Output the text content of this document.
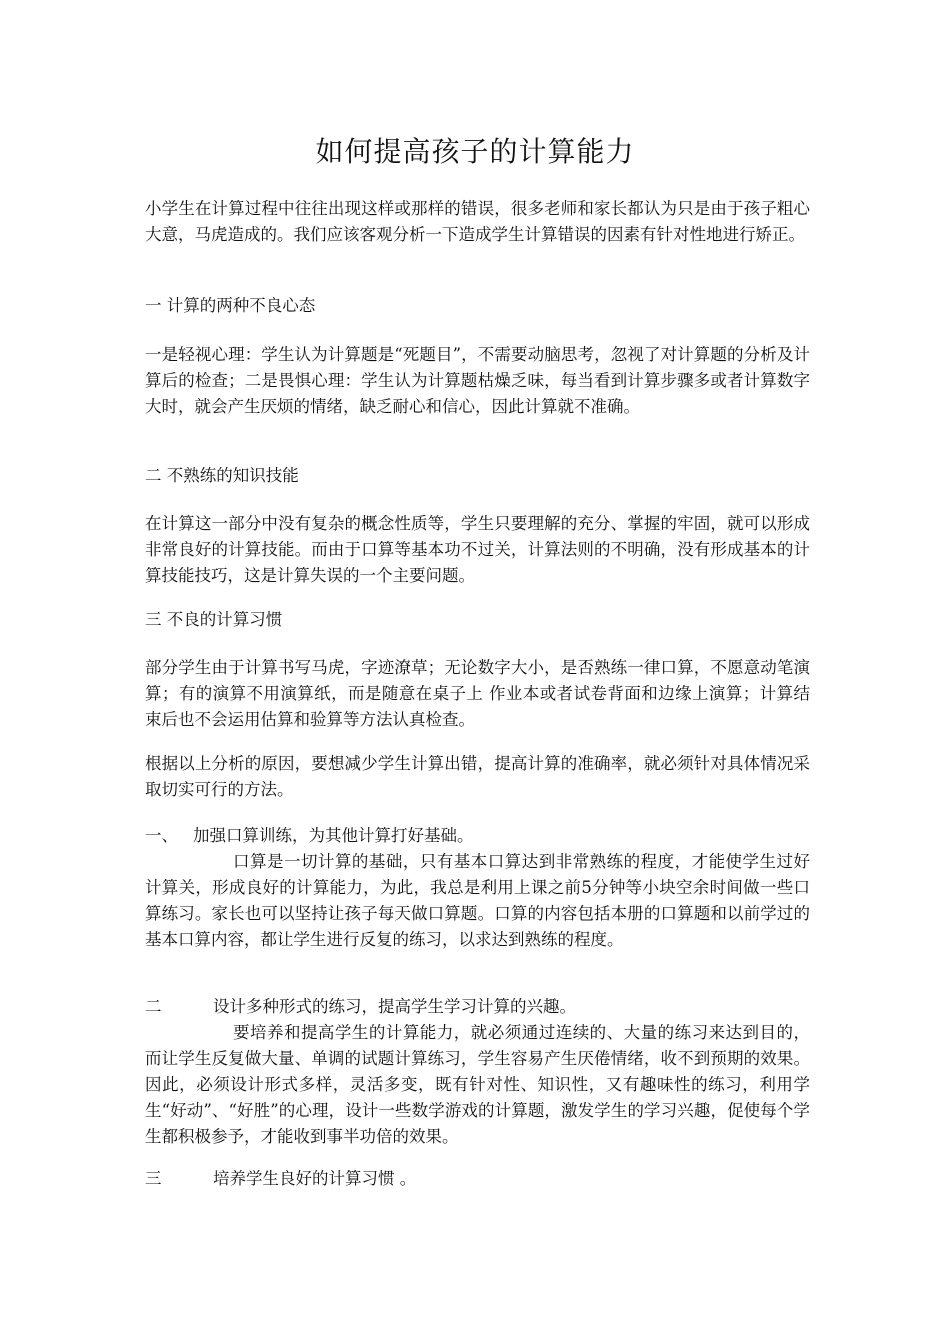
如何提高孩子的计算能力
小学生在计算过程中往往出现这样或那样的错误，很多老师和家长都认为只是由于孩子粗心大意，马虎造成的。我们应该客观分析一下造成学生计算错误的因素有针对性地进行矫正。
一 计算的两种不良心态
一是轻视心理：学生认为计算题是“死题目”，不需要动脑思考，忽视了对计算题的分析及计算后的检查；二是畏惧心理：学生认为计算题枯燥乏味，每当看到计算步骤多或者计算数字大时，就会产生厌烦的情绪，缺乏耐心和信心，因此计算就不准确。
二 不熟练的知识技能
在计算这一部分中没有复杂的概念性质等，学生只要理解的充分、掌握的牢固，就可以形成非常良好的计算技能。而由于口算等基本功不过关，计算法则的不明确，没有形成基本的计算技能技巧，这是计算失误的一个主要问题。
三 不良的计算习惯
部分学生由于计算书写马虎，字迹潦草；无论数字大小，是否熟练一律口算，不愿意动笔演算；有的演算不用演算纸，而是随意在桌子上 作业本或者试卷背面和边缘上演算；计算结束后也不会运用估算和验算等方法认真检查。
根据以上分析的原因，要想减少学生计算出错，提高计算的准确率，就必须针对具体情况采取切实可行的方法。
一、 加强口算训练，为其他计算打好基础。
口算是一切计算的基础，只有基本口算达到非常熟练的程度，才能使学生过好计算关，形成良好的计算能力，为此，我总是利用上课之前5分钟等小块空余时间做一些口算练习。家长也可以坚持让孩子每天做口算题。口算的内容包括本册的口算题和以前学过的基本口算内容，都让学生进行反复的练习，以求达到熟练的程度。
二	设计多种形式的练习，提高学生学习计算的兴趣。
要培养和提高学生的计算能力，就必须通过连续的、大量的练习来达到目的，而让学生反复做大量、单调的试题计算练习，学生容易产生厌倦情绪，收不到预期的效果。因此，必须设计形式多样，灵活多变，既有针对性、知识性，又有趣味性的练习，利用学生“好动”、“好胜”的心理，设计一些数学游戏的计算题，激发学生的学习兴趣，促使每个学生都积极参予，才能收到事半功倍的效果。
三	培养学生良好的计算习惯 。
